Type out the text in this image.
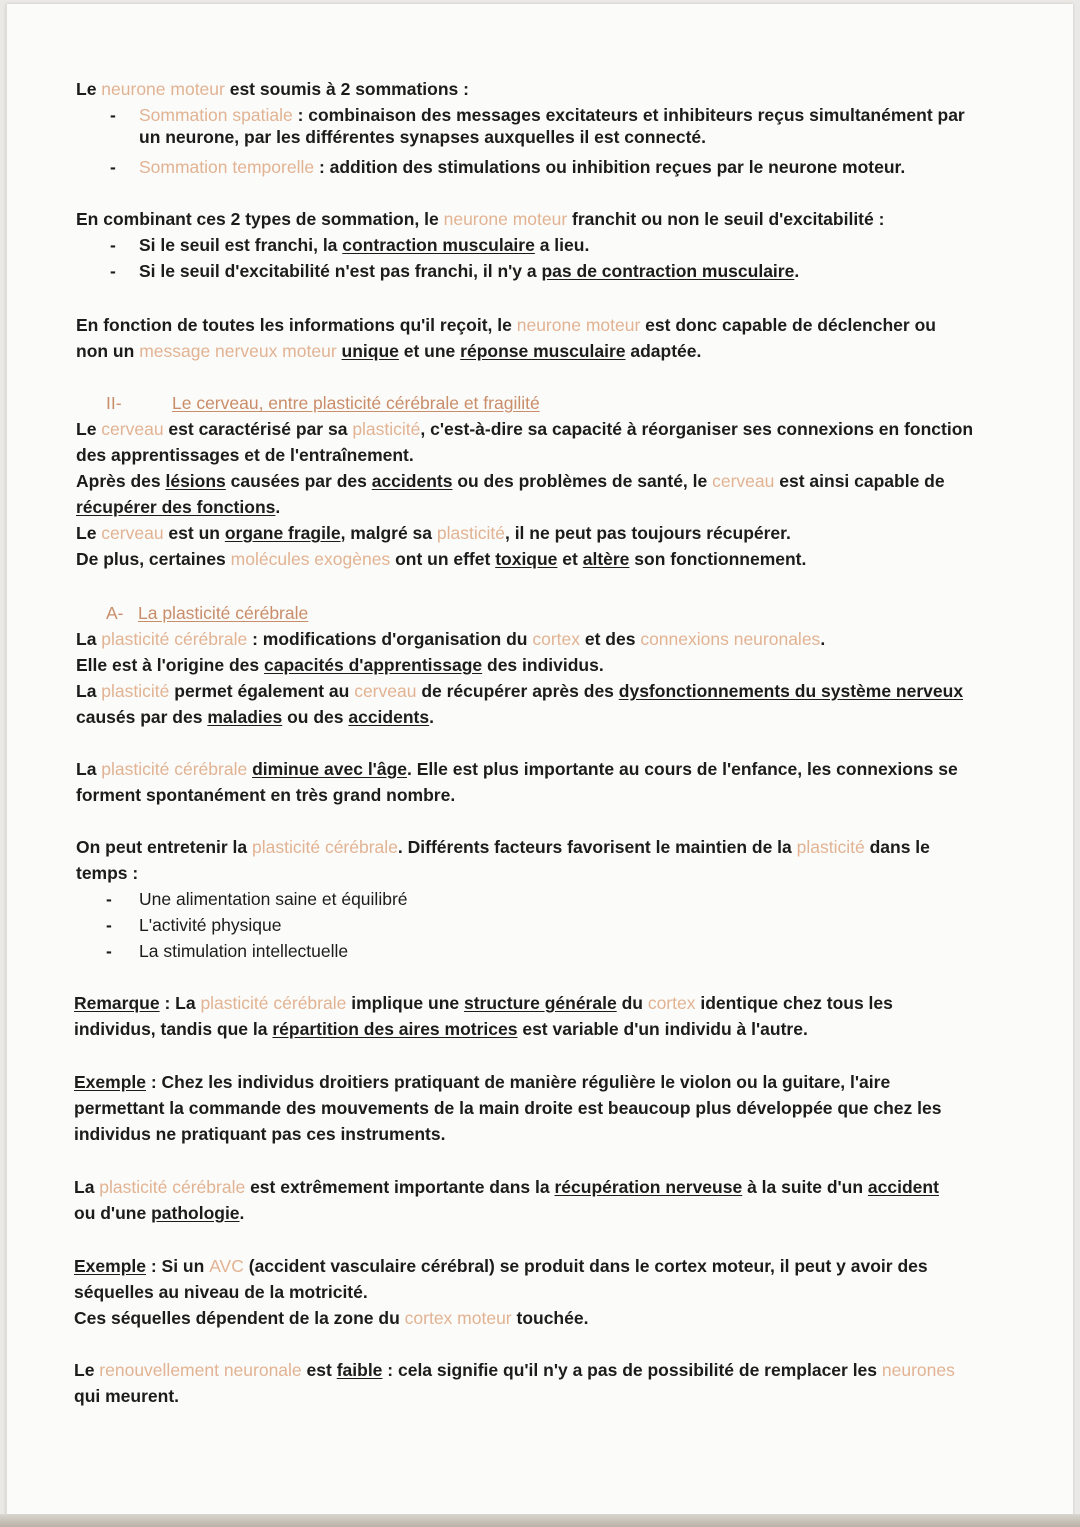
Le neurone moteur est soumis à 2 sommations :
- Sommation spatiale : combinaison des messages excitateurs et inhibiteurs reçus simultanément par
un neurone, par les différentes synapses auxquelles il est connecté.
- Sommation temporelle : addition des stimulations ou inhibition reçues par le neurone moteur.
En combinant ces 2 types de sommation, le neurone moteur franchit ou non le seuil d'excitabilité :
- Si le seuil est franchi, la contraction musculaire a lieu.
- Si le seuil d'excitabilité n'est pas franchi, il n'y a pas de contraction musculaire.
En fonction de toutes les informations qu'il reçoit, le neurone moteur est donc capable de déclencher ou
non un message nerveux moteur unique et une réponse musculaire adaptée.
II-	Le cerveau, entre plasticité cérébrale et fragilité
Le cerveau est caractérisé par sa plasticité, c'est-à-dire sa capacité à réorganiser ses connexions en fonction
des apprentissages et de l'entraînement.
Après des lésions causées par des accidents ou des problèmes de santé, le cerveau est ainsi capable de
récupérer des fonctions.
Le cerveau est un organe fragile, malgré sa plasticité, il ne peut pas toujours récupérer.
De plus, certaines molécules exogènes ont un effet toxique et altère son fonctionnement.
A- La plasticité cérébrale
La plasticité cérébrale : modifications d'organisation du cortex et des connexions neuronales.
Elle est à l'origine des capacités d'apprentissage des individus.
La plasticité permet également au cerveau de récupérer après des dysfonctionnements du système nerveux
causés par des maladies ou des accidents.
La plasticité cérébrale diminue avec l'âge. Elle est plus importante au cours de l'enfance, les connexions se
forment spontanément en très grand nombre.
On peut entretenir la plasticité cérébrale. Différents facteurs favorisent le maintien de la plasticité dans le
temps :
- Une alimentation saine et équilibré
- L'activité physique
- La stimulation intellectuelle
Remarque : La plasticité cérébrale implique une structure générale du cortex identique chez tous les
individus, tandis que la répartition des aires motrices est variable d'un individu à l'autre.
Exemple : Chez les individus droitiers pratiquant de manière régulière le violon ou la guitare, l'aire
permettant la commande des mouvements de la main droite est beaucoup plus développée que chez les
individus ne pratiquant pas ces instruments.
La plasticité cérébrale est extrêmement importante dans la récupération nerveuse à la suite d'un accident
ou d'une pathologie.
Exemple : Si un AVC (accident vasculaire cérébral) se produit dans le cortex moteur, il peut y avoir des
séquelles au niveau de la motricité.
Ces séquelles dépendent de la zone du cortex moteur touchée.
Le renouvellement neuronale est faible : cela signifie qu'il n'y a pas de possibilité de remplacer les neurones
qui meurent.
